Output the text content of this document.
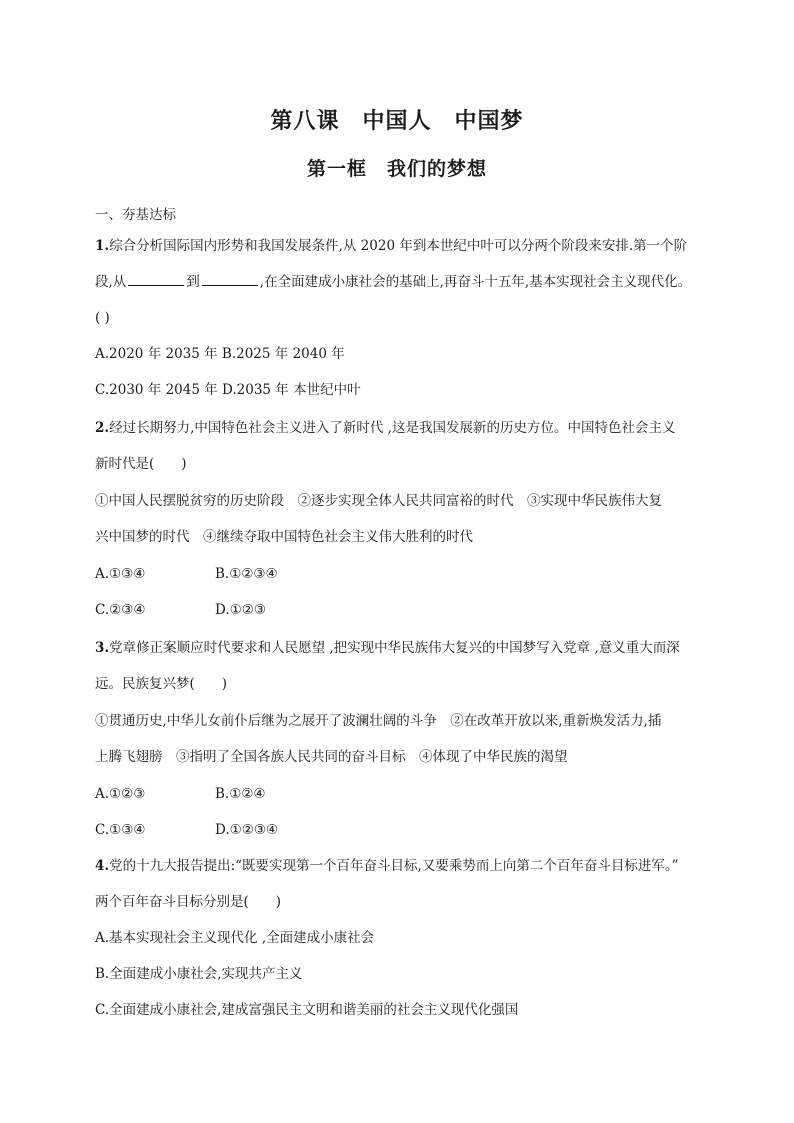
第八课　中国人　中国梦
第一框　我们的梦想
一、夯基达标
1.综合分析国际国内形势和我国发展条件,从 2020 年到本世纪中叶可以分两个阶段来安排.第一个阶
段,从	到	,在全面建成小康社会的基础上,再奋斗十五年,基本实现社会主义现代化。
( )
A.2020 年 2035 年 B.2025 年 2040 年
C.2030 年 2045 年 D.2035 年 本世纪中叶
2.经过长期努力,中国特色社会主义进入了新时代 ,这是我国发展新的历史方位。中国特色社会主义
新时代是(　　)
①中国人民摆脱贫穷的历史阶段　②逐步实现全体人民共同富裕的时代　③实现中华民族伟大复
兴中国梦的时代　④继续夺取中国特色社会主义伟大胜利的时代
A.①③④	B.①②③④
C.②③④	D.①②③
3.党章修正案顺应时代要求和人民愿望 ,把实现中华民族伟大复兴的中国梦写入党章 ,意义重大而深
远。民族复兴梦(　　)
①贯通历史,中华儿女前仆后继为之展开了波澜壮阔的斗争　②在改革开放以来,重新焕发活力,插
上腾飞翅膀　③指明了全国各族人民共同的奋斗目标　④体现了中华民族的渴望
A.①②③	B.①②④
C.①③④	D.①②③④
4.党的十九大报告提出:“既要实现第一个百年奋斗目标,又要乘势而上向第二个百年奋斗目标进军。”
两个百年奋斗目标分别是(　　)
A.基本实现社会主义现代化 ,全面建成小康社会
B.全面建成小康社会,实现共产主义
C.全面建成小康社会,建成富强民主文明和谐美丽的社会主义现代化强国
